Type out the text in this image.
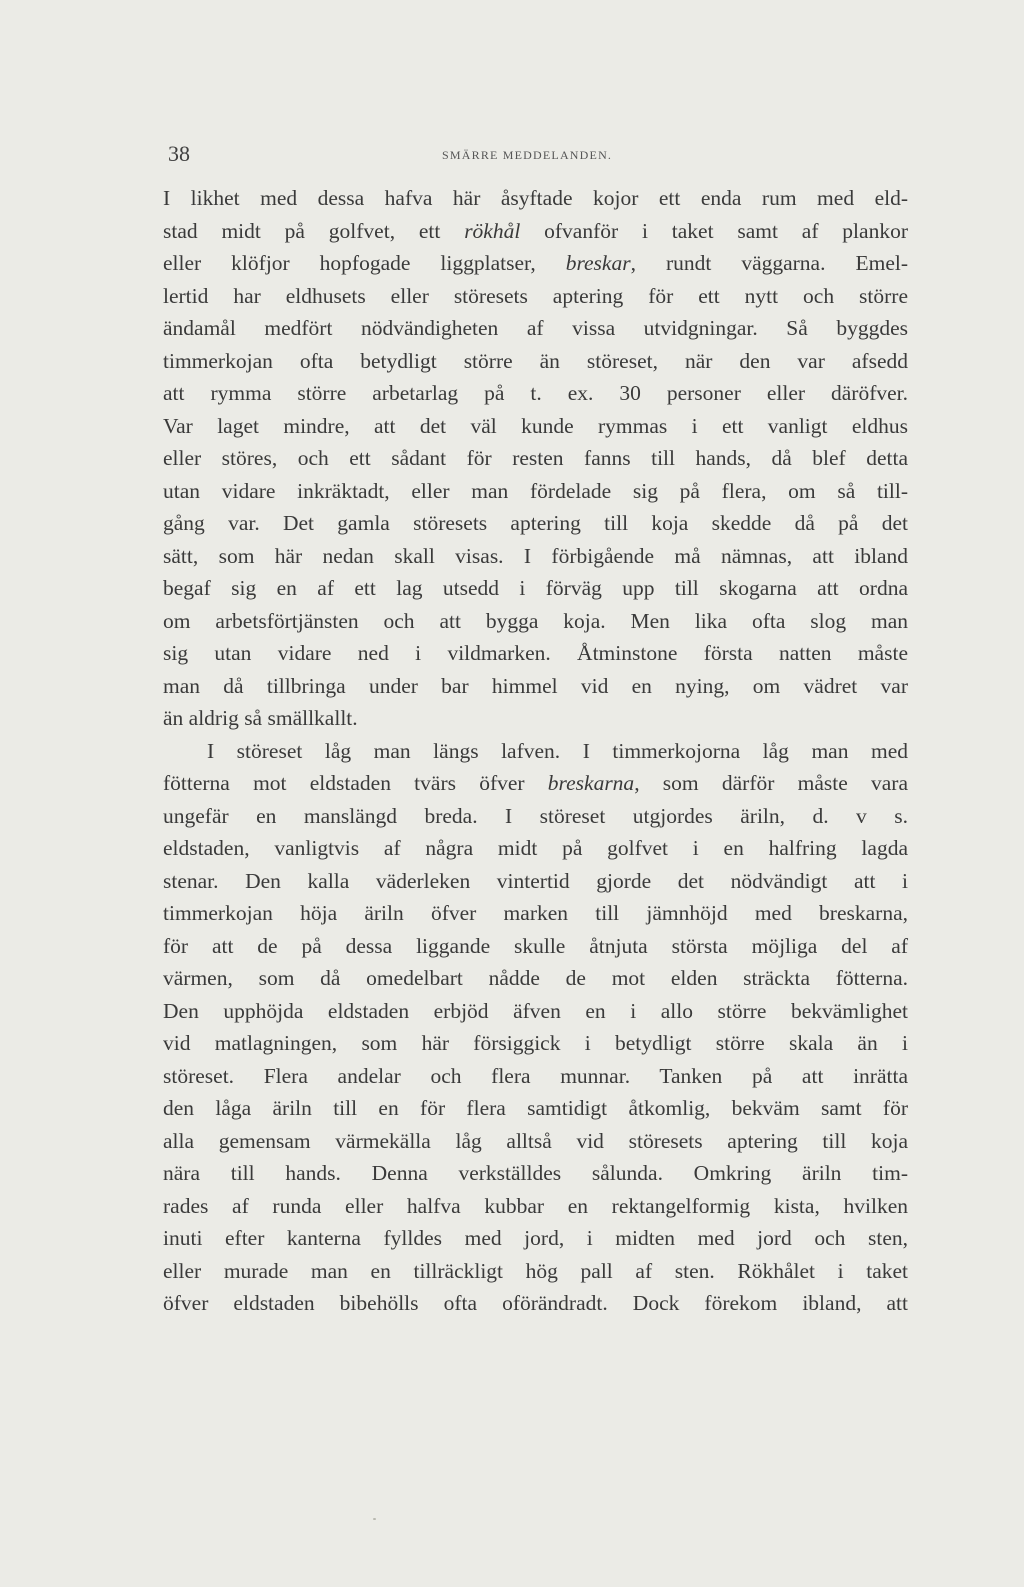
38	SMÄRRE MEDDELANDEN.
I likhet med dessa hafva här åsyftade kojor ett enda rum med eld-
stad midt på golfvet, ett rökhål ofvanför i taket samt af plankor
eller klöfjor hopfogade liggplatser, breskar, rundt väggarna. Emel-
lertid har eldhusets eller störesets aptering för ett nytt och större
ändamål medfört nödvändigheten af vissa utvidgningar. Så byggdes
timmerkojan ofta betydligt större än störeset, när den var afsedd
att rymma större arbetarlag på t. ex. 30 personer eller däröfver.
Var laget mindre, att det väl kunde rymmas i ett vanligt eldhus
eller störes, och ett sådant för resten fanns till hands, då blef detta
utan vidare inkräktadt, eller man fördelade sig på flera, om så till-
gång var. Det gamla störesets aptering till koja skedde då på det
sätt, som här nedan skall visas. I förbigående må nämnas, att ibland
begaf sig en af ett lag utsedd i förväg upp till skogarna att ordna
om arbetsförtjänsten och att bygga koja. Men lika ofta slog man
sig utan vidare ned i vildmarken. Åtminstone första natten måste
man då tillbringa under bar himmel vid en nying, om vädret var
än aldrig så smällkallt.
I störeset låg man längs lafven. I timmerkojorna låg man med
fötterna mot eldstaden tvärs öfver breskarna, som därför måste vara
ungefär en manslängd breda. I störeset utgjordes äriln, d. v s.
eldstaden, vanligtvis af några midt på golfvet i en halfring lagda
stenar. Den kalla väderleken vintertid gjorde det nödvändigt att i
timmerkojan höja äriln öfver marken till jämnhöjd med breskarna,
för att de på dessa liggande skulle åtnjuta största möjliga del af
värmen, som då omedelbart nådde de mot elden sträckta fötterna.
Den upphöjda eldstaden erbjöd äfven en i allo större bekvämlighet
vid matlagningen, som här försiggick i betydligt större skala än i
störeset. Flera andelar och flera munnar. Tanken på att inrätta
den låga äriln till en för flera samtidigt åtkomlig, bekväm samt för
alla gemensam värmekälla låg alltså vid störesets aptering till koja
nära till hands. Denna verkställdes sålunda. Omkring äriln tim-
rades af runda eller halfva kubbar en rektangelformig kista, hvilken
inuti efter kanterna fylldes med jord, i midten med jord och sten,
eller murade man en tillräckligt hög pall af sten. Rökhålet i taket
öfver eldstaden bibehölls ofta oförändradt. Dock förekom ibland, att
